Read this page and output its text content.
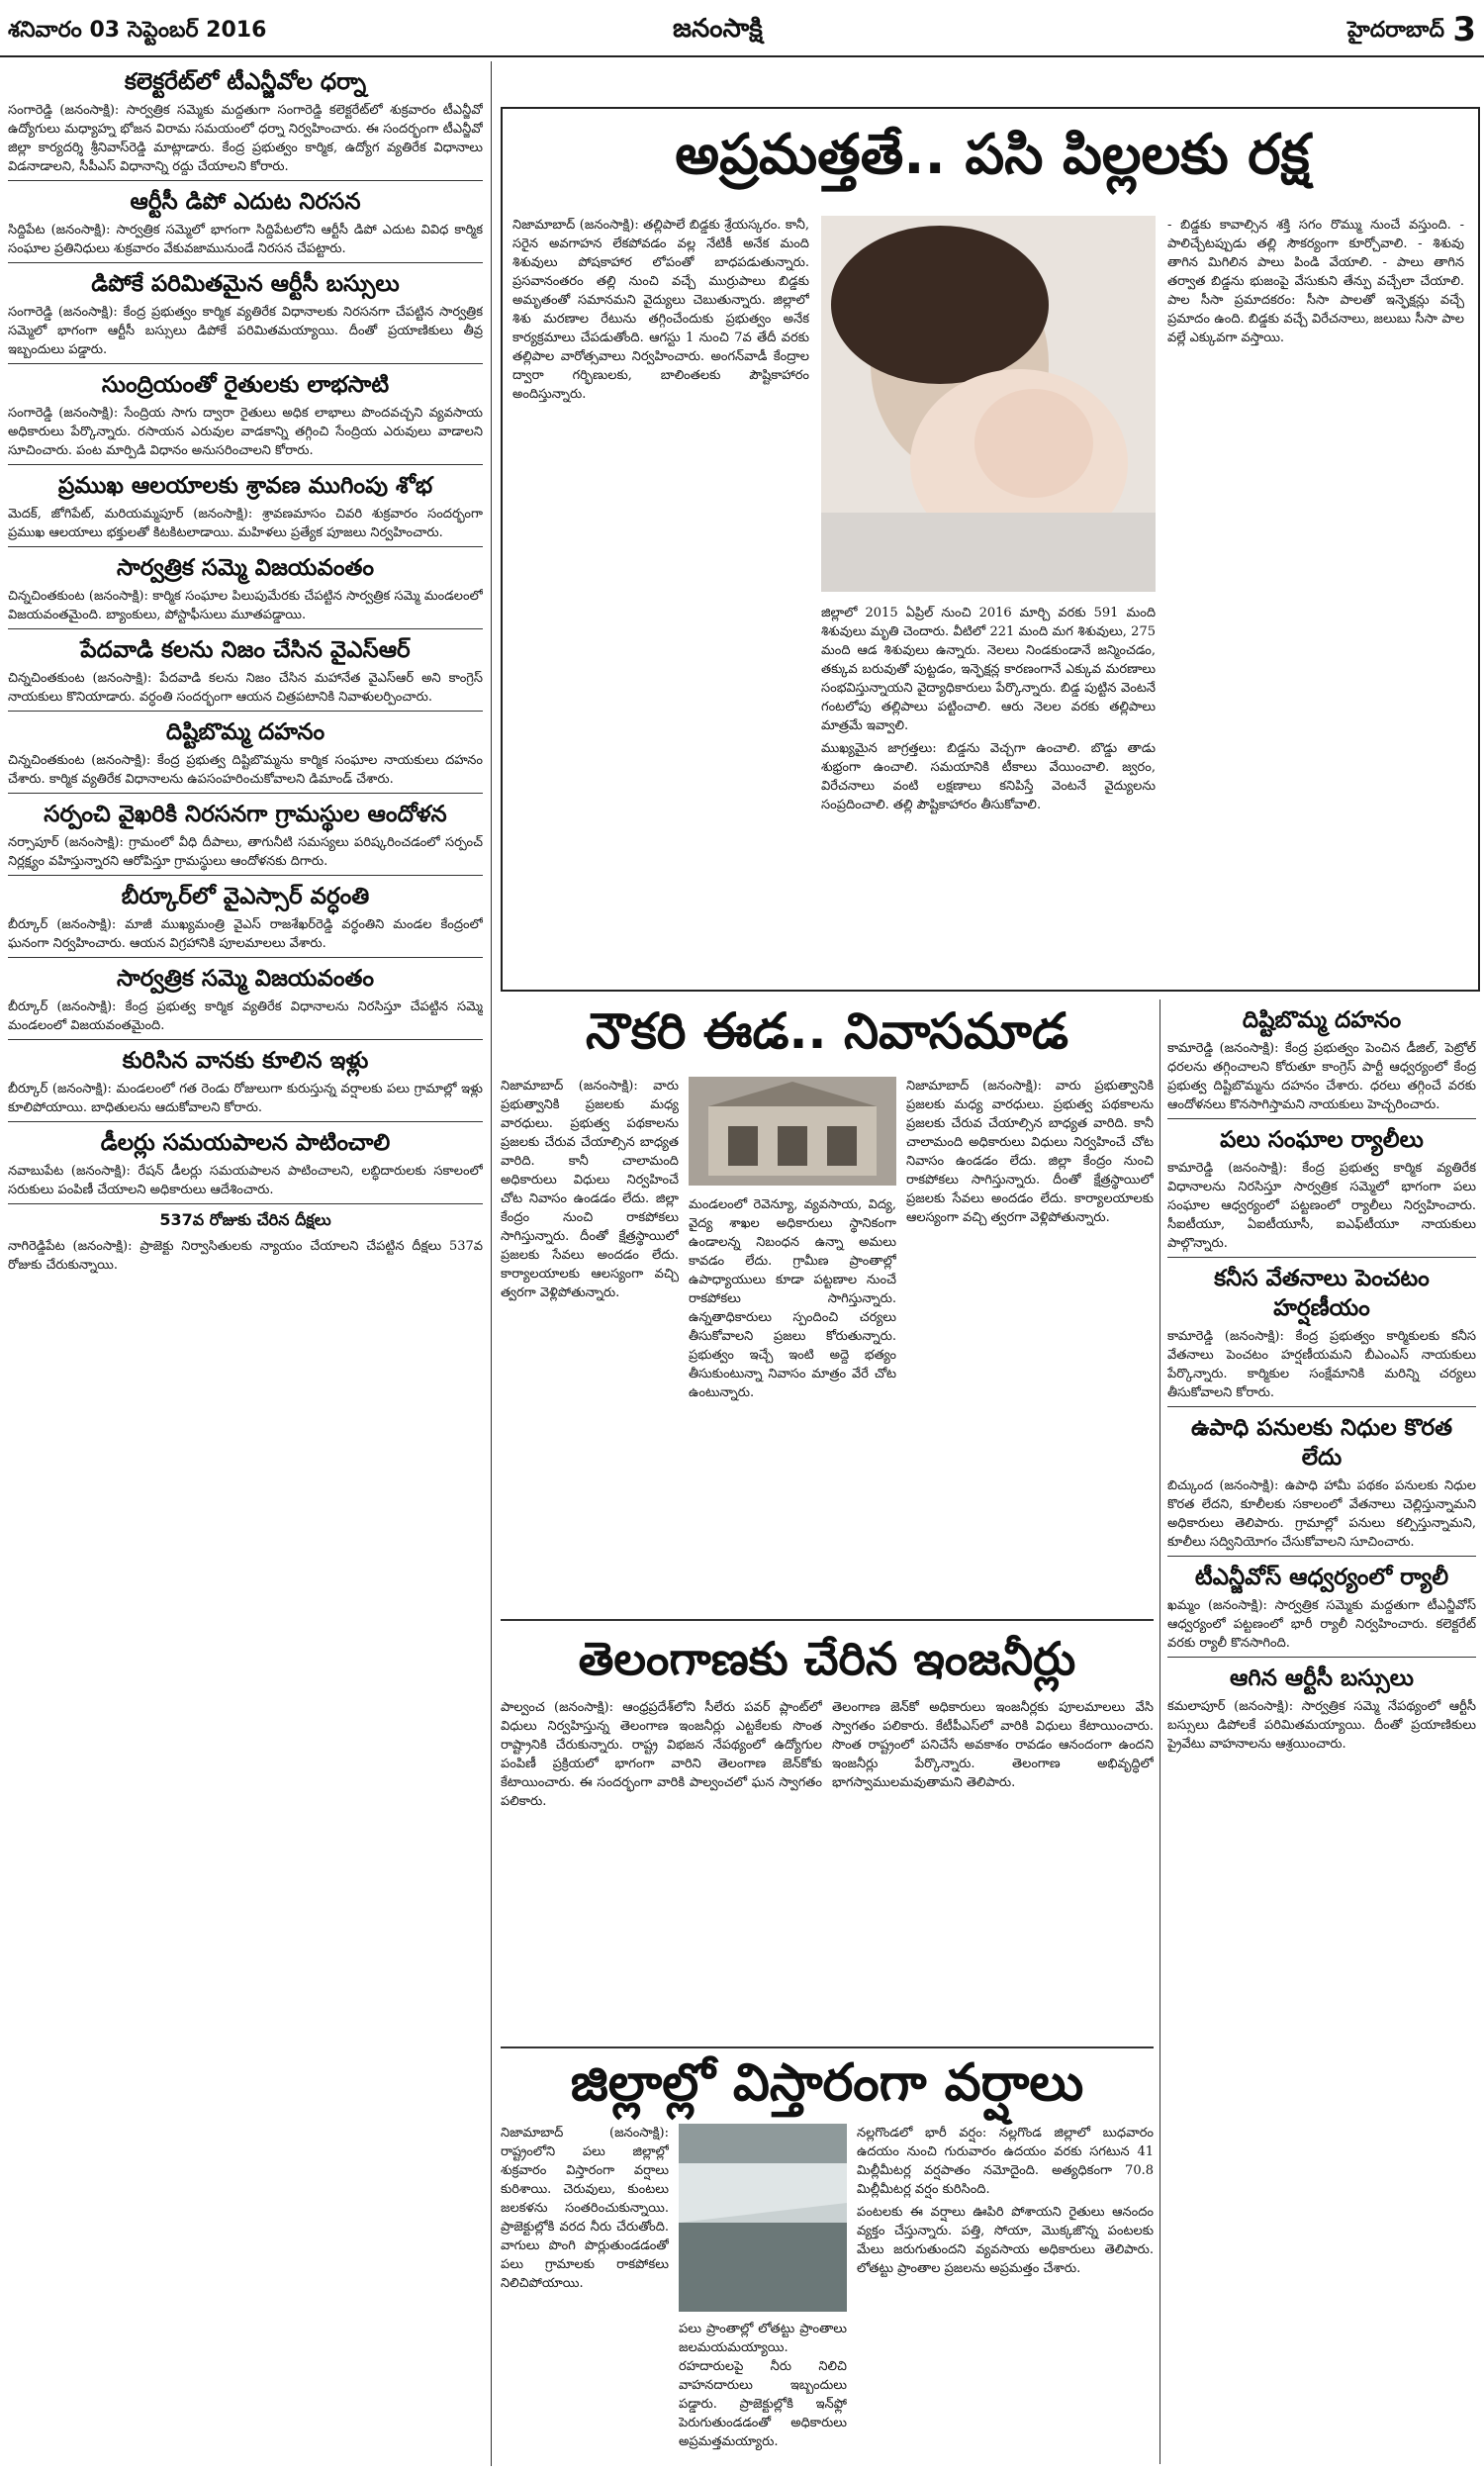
శనివారం 03 సెప్టెంబర్ 2016	జనంసాక్షి	హైదరాబాద్ 3
కలెక్టరేట్‌లో టీఎన్జీవోల ధర్నా

సంగారెడ్డి (జనంసాక్షి): సార్వత్రిక సమ్మెకు మద్దతుగా సంగారెడ్డి కలెక్టరేట్‌లో శుక్రవారం టీఎన్జీవో ఉద్యోగులు మధ్యాహ్న భోజన విరామ సమయంలో ధర్నా నిర్వహించారు. ఈ సందర్భంగా టీఎన్జీవో జిల్లా కార్యదర్శి శ్రీనివాస్‌రెడ్డి మాట్లాడారు. కేంద్ర ప్రభుత్వం కార్మిక, ఉద్యోగ వ్యతిరేక విధానాలు విడనాడాలని, సీపీఎస్ విధానాన్ని రద్దు చేయాలని కోరారు.

ఆర్టీసీ డిపో ఎదుట నిరసన

సిద్దిపేట (జనంసాక్షి): సార్వత్రిక సమ్మెలో భాగంగా సిద్దిపేటలోని ఆర్టీసీ డిపో ఎదుట వివిధ కార్మిక సంఘాల ప్రతినిధులు శుక్రవారం వేకువజామునుండే నిరసన చేపట్టారు.

డిపోకే పరిమితమైన ఆర్టీసీ బస్సులు

సంగారెడ్డి (జనంసాక్షి): కేంద్ర ప్రభుత్వం కార్మిక వ్యతిరేక విధానాలకు నిరసనగా చేపట్టిన సార్వత్రిక సమ్మెలో భాగంగా ఆర్టీసీ బస్సులు డిపోకే పరిమితమయ్యాయి. దీంతో ప్రయాణికులు తీవ్ర ఇబ్బందులు పడ్డారు.

సుంద్రియంతో రైతులకు లాభసాటి

సంగారెడ్డి (జనంసాక్షి): సేంద్రియ సాగు ద్వారా రైతులు అధిక లాభాలు పొందవచ్చని వ్యవసాయ అధికారులు పేర్కొన్నారు. రసాయన ఎరువుల వాడకాన్ని తగ్గించి సేంద్రియ ఎరువులు వాడాలని సూచించారు. పంట మార్పిడి విధానం అనుసరించాలని కోరారు.

ప్రముఖ ఆలయాలకు శ్రావణ ముగింపు శోభ

మెదక్, జోగిపేట్, మరియమ్మపూర్ (జనంసాక్షి): శ్రావణమాసం చివరి శుక్రవారం సందర్భంగా ప్రముఖ ఆలయాలు భక్తులతో కిటకిటలాడాయి. మహిళలు ప్రత్యేక పూజలు నిర్వహించారు.

సార్వత్రిక సమ్మె విజయవంతం

చిన్నచింతకుంట (జనంసాక్షి): కార్మిక సంఘాల పిలుపుమేరకు చేపట్టిన సార్వత్రిక సమ్మె మండలంలో విజయవంతమైంది. బ్యాంకులు, పోస్టాఫీసులు మూతపడ్డాయి.

పేదవాడి కలను నిజం చేసిన వైఎస్ఆర్

చిన్నచింతకుంట (జనంసాక్షి): పేదవాడి కలను నిజం చేసిన మహానేత వైఎస్ఆర్ అని కాంగ్రెస్ నాయకులు కొనియాడారు. వర్ధంతి సందర్భంగా ఆయన చిత్రపటానికి నివాళులర్పించారు.

దిష్టిబొమ్మ దహనం

చిన్నచింతకుంట (జనంసాక్షి): కేంద్ర ప్రభుత్వ దిష్టిబొమ్మను కార్మిక సంఘాల నాయకులు దహనం చేశారు. కార్మిక వ్యతిరేక విధానాలను ఉపసంహరించుకోవాలని డిమాండ్ చేశారు.

సర్పంచి వైఖరికి నిరసనగా గ్రామస్థుల ఆందోళన

నర్సాపూర్ (జనంసాక్షి): గ్రామంలో వీధి దీపాలు, తాగునీటి సమస్యలు పరిష్కరించడంలో సర్పంచ్ నిర్లక్ష్యం వహిస్తున్నారని ఆరోపిస్తూ గ్రామస్థులు ఆందోళనకు దిగారు.

బీర్కూర్‌లో వైఎస్సార్ వర్ధంతి

బీర్కూర్ (జనంసాక్షి): మాజీ ముఖ్యమంత్రి వైఎస్ రాజశేఖర్‌రెడ్డి వర్ధంతిని మండల కేంద్రంలో ఘనంగా నిర్వహించారు. ఆయన విగ్రహానికి పూలమాలలు వేశారు.

సార్వత్రిక సమ్మె విజయవంతం

బీర్కూర్ (జనంసాక్షి): కేంద్ర ప్రభుత్వ కార్మిక వ్యతిరేక విధానాలను నిరసిస్తూ చేపట్టిన సమ్మె మండలంలో విజయవంతమైంది.

కురిసిన వానకు కూలిన ఇళ్లు

బీర్కూర్ (జనంసాక్షి): మండలంలో గత రెండు రోజులుగా కురుస్తున్న వర్షాలకు పలు గ్రామాల్లో ఇళ్లు కూలిపోయాయి. బాధితులను ఆదుకోవాలని కోరారు.

డీలర్లు సమయపాలన పాటించాలి

నవాబుపేట (జనంసాక్షి): రేషన్ డీలర్లు సమయపాలన పాటించాలని, లబ్ధిదారులకు సకాలంలో సరుకులు పంపిణీ చేయాలని అధికారులు ఆదేశించారు.

537వ రోజుకు చేరిన దీక్షలు

నాగిరెడ్డిపేట (జనంసాక్షి): ప్రాజెక్టు నిర్వాసితులకు న్యాయం చేయాలని చేపట్టిన దీక్షలు 537వ రోజుకు చేరుకున్నాయి.

అప్రమత్తతే.. పసి పిల్లలకు రక్ష

నిజామాబాద్ (జనంసాక్షి): తల్లిపాలే బిడ్డకు శ్రేయస్కరం. కానీ, సరైన అవగాహన లేకపోవడం వల్ల నేటికీ అనేక మంది శిశువులు పోషకాహార లోపంతో బాధపడుతున్నారు. ప్రసవానంతరం తల్లి నుంచి వచ్చే ముర్రుపాలు బిడ్డకు అమృతంతో సమానమని వైద్యులు చెబుతున్నారు. జిల్లాలో శిశు మరణాల రేటును తగ్గించేందుకు ప్రభుత్వం అనేక కార్యక్రమాలు చేపడుతోంది. ఆగస్టు 1 నుంచి 7వ తేదీ వరకు తల్లిపాల వారోత్సవాలు నిర్వహించారు. అంగన్‌వాడీ కేంద్రాల ద్వారా గర్భిణులకు, బాలింతలకు పౌష్టికాహారం అందిస్తున్నారు.

జిల్లాలో 2015 ఏప్రిల్ నుంచి 2016 మార్చి వరకు 591 మంది శిశువులు మృతి చెందారు. వీటిలో 221 మంది మగ శిశువులు, 275 మంది ఆడ శిశువులు ఉన్నారు. నెలలు నిండకుండానే జన్మించడం, తక్కువ బరువుతో పుట్టడం, ఇన్ఫెక్షన్ల కారణంగానే ఎక్కువ మరణాలు సంభవిస్తున్నాయని వైద్యాధికారులు పేర్కొన్నారు. బిడ్డ పుట్టిన వెంటనే గంటలోపు తల్లిపాలు పట్టించాలి. ఆరు నెలల వరకు తల్లిపాలు మాత్రమే ఇవ్వాలి.

ముఖ్యమైన జాగ్రత్తలు: బిడ్డను వెచ్చగా ఉంచాలి. బొడ్డు తాడు శుభ్రంగా ఉంచాలి. సమయానికి టీకాలు వేయించాలి. జ్వరం, విరేచనాలు వంటి లక్షణాలు కనిపిస్తే వెంటనే వైద్యులను సంప్రదించాలి. తల్లి పౌష్టికాహారం తీసుకోవాలి.

- బిడ్డకు కావాల్సిన శక్తి సగం రొమ్ము నుంచే వస్తుంది. - పాలిచ్చేటప్పుడు తల్లి సౌకర్యంగా కూర్చోవాలి. - శిశువు తాగిన మిగిలిన పాలు పిండి వేయాలి. - పాలు తాగిన తర్వాత బిడ్డను భుజంపై వేసుకుని తేన్పు వచ్చేలా చేయాలి. పాల సీసా ప్రమాదకరం: సీసా పాలతో ఇన్ఫెక్షన్లు వచ్చే ప్రమాదం ఉంది. బిడ్డకు వచ్చే విరేచనాలు, జలుబు సీసా పాల వల్లే ఎక్కువగా వస్తాయి.

నౌకరి ఈడ.. నివాసమాడ

నిజామాబాద్ (జనంసాక్షి): వారు ప్రభుత్వానికి ప్రజలకు మధ్య వారధులు. ప్రభుత్వ పథకాలను ప్రజలకు చేరువ చేయాల్సిన బాధ్యత వారిది. కానీ చాలామంది అధికారులు విధులు నిర్వహించే చోట నివాసం ఉండడం లేదు. జిల్లా కేంద్రం నుంచి రాకపోకలు సాగిస్తున్నారు. దీంతో క్షేత్రస్థాయిలో ప్రజలకు సేవలు అందడం లేదు. కార్యాలయాలకు ఆలస్యంగా వచ్చి త్వరగా వెళ్లిపోతున్నారు.

మండలంలో రెవెన్యూ, వ్యవసాయ, విద్య, వైద్య శాఖల అధికారులు స్థానికంగా ఉండాలన్న నిబంధన ఉన్నా అమలు కావడం లేదు. గ్రామీణ ప్రాంతాల్లో ఉపాధ్యాయులు కూడా పట్టణాల నుంచే రాకపోకలు సాగిస్తున్నారు. ఉన్నతాధికారులు స్పందించి చర్యలు తీసుకోవాలని ప్రజలు కోరుతున్నారు. ప్రభుత్వం ఇచ్చే ఇంటి అద్దె భత్యం తీసుకుంటున్నా నివాసం మాత్రం వేరే చోట ఉంటున్నారు.

నిజామాబాద్ (జనంసాక్షి): వారు ప్రభుత్వానికి ప్రజలకు మధ్య వారధులు. ప్రభుత్వ పథకాలను ప్రజలకు చేరువ చేయాల్సిన బాధ్యత వారిది. కానీ చాలామంది అధికారులు విధులు నిర్వహించే చోట నివాసం ఉండడం లేదు. జిల్లా కేంద్రం నుంచి రాకపోకలు సాగిస్తున్నారు. దీంతో క్షేత్రస్థాయిలో ప్రజలకు సేవలు అందడం లేదు. కార్యాలయాలకు ఆలస్యంగా వచ్చి త్వరగా వెళ్లిపోతున్నారు.

దిష్టిబొమ్మ దహనం

కామారెడ్డి (జనంసాక్షి): కేంద్ర ప్రభుత్వం పెంచిన డీజిల్, పెట్రోల్ ధరలను తగ్గించాలని కోరుతూ కాంగ్రెస్ పార్టీ ఆధ్వర్యంలో కేంద్ర ప్రభుత్వ దిష్టిబొమ్మను దహనం చేశారు. ధరలు తగ్గించే వరకు ఆందోళనలు కొనసాగిస్తామని నాయకులు హెచ్చరించారు.

పలు సంఘాల ర్యాలీలు

కామారెడ్డి (జనంసాక్షి): కేంద్ర ప్రభుత్వ కార్మిక వ్యతిరేక విధానాలను నిరసిస్తూ సార్వత్రిక సమ్మెలో భాగంగా పలు సంఘాల ఆధ్వర్యంలో పట్టణంలో ర్యాలీలు నిర్వహించారు. సీఐటీయూ, ఏఐటీయూసీ, ఐఎఫ్‌టీయూ నాయకులు పాల్గొన్నారు.

కనీస వేతనాలు పెంచటం హర్షణీయం

కామారెడ్డి (జనంసాక్షి): కేంద్ర ప్రభుత్వం కార్మికులకు కనీస వేతనాలు పెంచటం హర్షణీయమని బీఎంఎస్ నాయకులు పేర్కొన్నారు. కార్మికుల సంక్షేమానికి మరిన్ని చర్యలు తీసుకోవాలని కోరారు.

ఉపాధి పనులకు నిధుల కొరత లేదు

బిచ్కుంద (జనంసాక్షి): ఉపాధి హామీ పథకం పనులకు నిధుల కొరత లేదని, కూలీలకు సకాలంలో వేతనాలు చెల్లిస్తున్నామని అధికారులు తెలిపారు. గ్రామాల్లో పనులు కల్పిస్తున్నామని, కూలీలు సద్వినియోగం చేసుకోవాలని సూచించారు.

టీఎన్జీవోస్ ఆధ్వర్యంలో ర్యాలీ

ఖమ్మం (జనంసాక్షి): సార్వత్రిక సమ్మెకు మద్దతుగా టీఎన్జీవోస్ ఆధ్వర్యంలో పట్టణంలో భారీ ర్యాలీ నిర్వహించారు. కలెక్టరేట్ వరకు ర్యాలీ కొనసాగింది.

ఆగిన ఆర్టీసీ బస్సులు

కమలాపూర్ (జనంసాక్షి): సార్వత్రిక సమ్మె నేపథ్యంలో ఆర్టీసీ బస్సులు డిపోలకే పరిమితమయ్యాయి. దీంతో ప్రయాణికులు ప్రైవేటు వాహనాలను ఆశ్రయించారు.

తెలంగాణకు చేరిన ఇంజనీర్లు

పాల్వంచ (జనంసాక్షి): ఆంధ్రప్రదేశ్‌లోని సీలేరు పవర్ ప్లాంట్‌లో విధులు నిర్వహిస్తున్న తెలంగాణ ఇంజనీర్లు ఎట్టకేలకు సొంత రాష్ట్రానికి చేరుకున్నారు. రాష్ట్ర విభజన నేపథ్యంలో ఉద్యోగుల పంపిణీ ప్రక్రియలో భాగంగా వారిని తెలంగాణ జెన్‌కోకు కేటాయించారు. ఈ సందర్భంగా వారికి పాల్వంచలో ఘన స్వాగతం పలికారు.

తెలంగాణ జెన్‌కో అధికారులు ఇంజనీర్లకు పూలమాలలు వేసి స్వాగతం పలికారు. కేటీపీఎస్‌లో వారికి విధులు కేటాయించారు. సొంత రాష్ట్రంలో పనిచేసే అవకాశం రావడం ఆనందంగా ఉందని ఇంజనీర్లు పేర్కొన్నారు. తెలంగాణ అభివృద్ధిలో భాగస్వాములమవుతామని తెలిపారు.

జిల్లాల్లో విస్తారంగా వర్షాలు

నిజామాబాద్ (జనంసాక్షి): రాష్ట్రంలోని పలు జిల్లాల్లో శుక్రవారం విస్తారంగా వర్షాలు కురిశాయి. చెరువులు, కుంటలు జలకళను సంతరించుకున్నాయి. ప్రాజెక్టుల్లోకి వరద నీరు చేరుతోంది. వాగులు పొంగి పొర్లుతుండడంతో పలు గ్రామాలకు రాకపోకలు నిలిచిపోయాయి.

పలు ప్రాంతాల్లో లోతట్టు ప్రాంతాలు జలమయమయ్యాయి. రహదారులపై నీరు నిలిచి వాహనదారులు ఇబ్బందులు పడ్డారు. ప్రాజెక్టుల్లోకి ఇన్‌ఫ్లో పెరుగుతుండడంతో అధికారులు అప్రమత్తమయ్యారు.

నల్లగొండలో భారీ వర్షం: నల్లగొండ జిల్లాలో బుధవారం ఉదయం నుంచి గురువారం ఉదయం వరకు సగటున 41 మిల్లీమీటర్ల వర్షపాతం నమోదైంది. అత్యధికంగా 70.8 మిల్లీమీటర్ల వర్షం కురిసింది.

పంటలకు ఈ వర్షాలు ఊపిరి పోశాయని రైతులు ఆనందం వ్యక్తం చేస్తున్నారు. పత్తి, సోయా, మొక్కజొన్న పంటలకు మేలు జరుగుతుందని వ్యవసాయ అధికారులు తెలిపారు. లోతట్టు ప్రాంతాల ప్రజలను అప్రమత్తం చేశారు.
